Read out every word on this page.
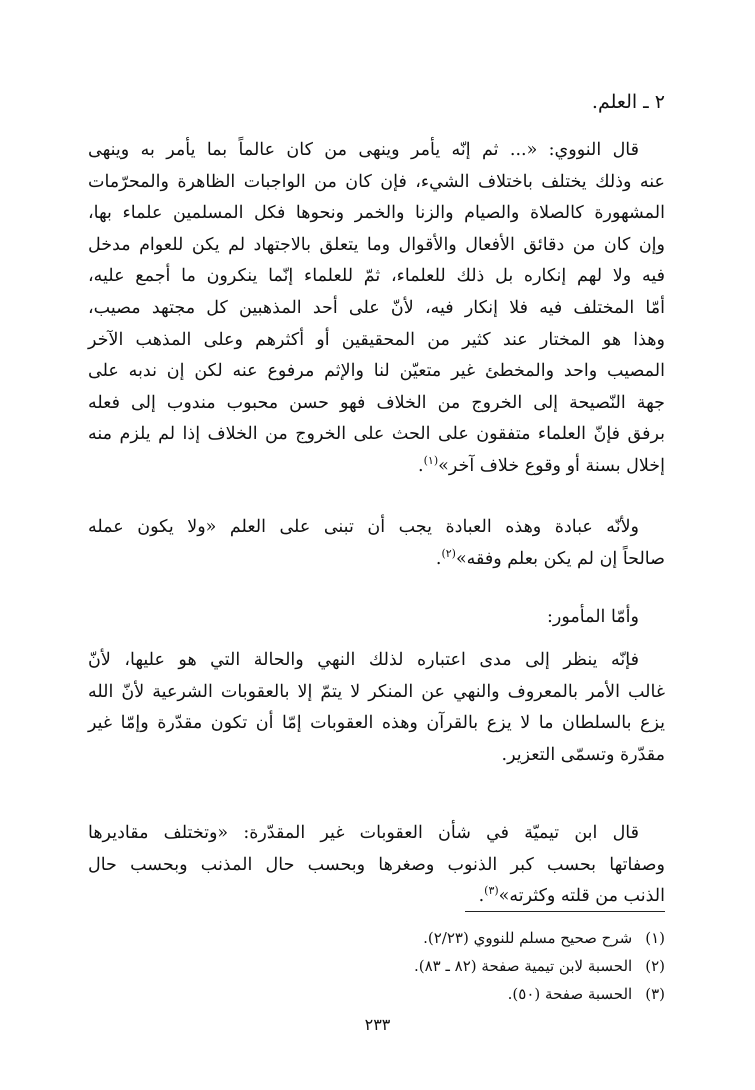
٢ ـ العلم.

قال النووي: «... ثم إنّه يأمر وينهى من كان عالماً بما يأمر به وينهى
عنه وذلك يختلف باختلاف الشيء، فإن كان من الواجبات الظاهرة والمحرّمات
المشهورة كالصلاة والصيام والزنا والخمر ونحوها فكل المسلمين علماء بها،
وإن كان من دقائق الأفعال والأقوال وما يتعلق بالاجتهاد لم يكن للعوام مدخل
فيه ولا لهم إنكاره بل ذلك للعلماء، ثمّ للعلماء إنّما ينكرون ما أجمع عليه،
أمّا المختلف فيه فلا إنكار فيه، لأنّ على أحد المذهبين كل مجتهد مصيب،
وهذا هو المختار عند كثير من المحقيقين أو أكثرهم وعلى المذهب الآخر
المصيب واحد والمخطئ غير متعيّن لنا والإثم مرفوع عنه لكن إن ندبه على
جهة النّصيحة إلى الخروج من الخلاف فهو حسن محبوب مندوب إلى فعله
برفق فإنّ العلماء متفقون على الحث على الخروج من الخلاف إذا لم يلزم منه
إخلال بسنة أو وقوع خلاف آخر»$^{(١)}$.

ولأنّه عبادة وهذه العبادة يجب أن تبنى على العلم «ولا يكون عمله
صالحاً إن لم يكن بعلم وفقه»$^{(٢)}$.

وأمّا المأمور:

فإنّه ينظر إلى مدى اعتباره لذلك النهي والحالة التي هو عليها، لأنّ
غالب الأمر بالمعروف والنهي عن المنكر لا يتمّ إلا بالعقوبات الشرعية لأنّ الله
يزع بالسلطان ما لا يزع بالقرآن وهذه العقوبات إمّا أن تكون مقدّرة وإمّا غير
مقدّرة وتسمّى التعزير.

قال ابن تيميّة في شأن العقوبات غير المقدّرة: «وتختلف مقاديرها
وصفاتها بحسب كبر الذنوب وصغرها وبحسب حال المذنب وبحسب حال
الذنب من قلته وكثرته»$^{(٣)}$.

(١) شرح صحيح مسلم للنووي (٢/٢٣).
(٢) الحسبة لابن تيمية صفحة (٨٢ ـ ٨٣).
(٣) الحسبة صفحة (٥٠).
٢٣٣
